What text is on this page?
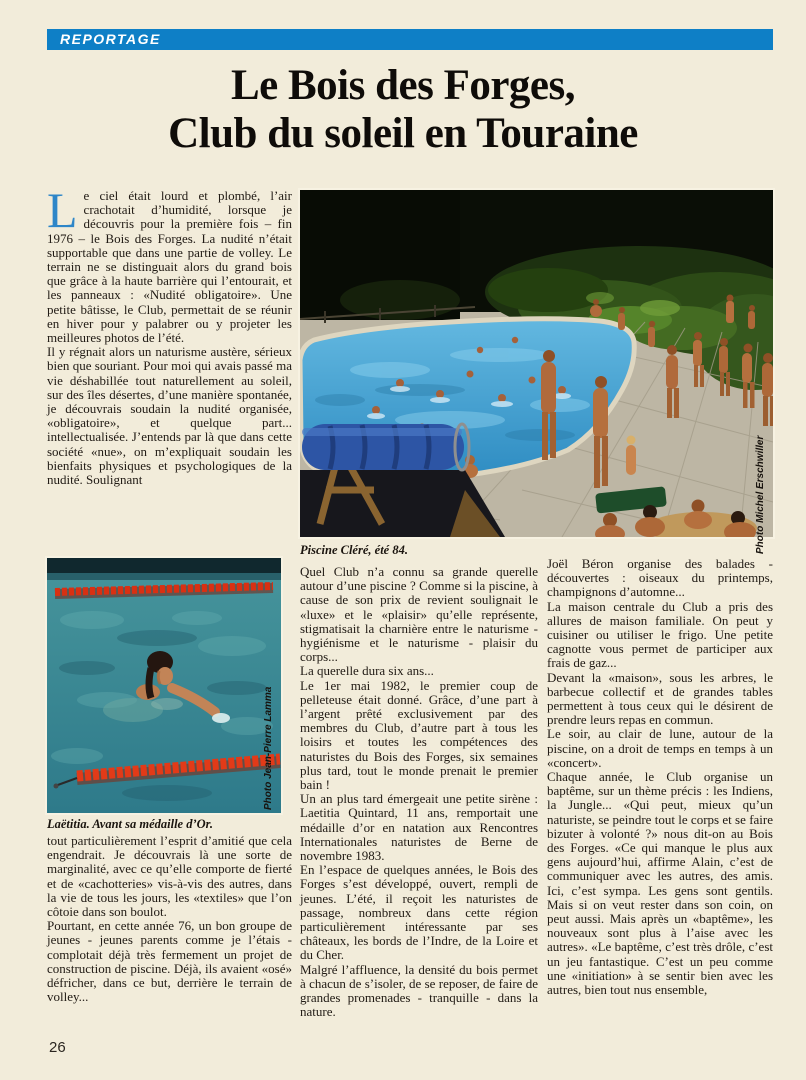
REPORTAGE
Le Bois des Forges,
Club du soleil en Touraine

Le ciel était lourd et plombé, l’air crachotait d’humidité, lorsque je découvris pour la première fois – fin 1976 – le Bois des Forges. La nudité n’était supportable que dans une partie de volley. Le terrain ne se distinguait alors du grand bois que grâce à la haute barrière qui l’entourait, et les panneaux : «Nudité obligatoire». Une petite bâtisse, le Club, permettait de se réunir en hiver pour y palabrer ou y projeter les meilleures photos de l’été.

Il y régnait alors un naturisme austère, sérieux bien que souriant. Pour moi qui avais passé ma vie déshabillée tout naturellement au soleil, sur des îles désertes, d’une manière spontanée, je découvrais soudain la nudité organisée, «obligatoire», et quelque part... intellectualisée. J’entends par là que dans cette société «nue», on m’expliquait soudain les bienfaits physiques et psychologiques de la nudité. Soulignant	Photo Michel Erschwiller
Piscine Cléré, été 84.
Photo Jean-Pierre Lamma
Laëtitia. Avant sa médaille d’Or.

tout particulièrement l’esprit d’amitié que cela engendrait. Je découvrais là une sorte de marginalité, avec ce qu’elle comporte de fierté et de «cachotteries» vis-à-vis des autres, dans la vie de tous les jours, les «textiles» que l’on côtoie dans son boulot.

Pourtant, en cette année 76, un bon groupe de jeunes - jeunes parents comme je l’étais - complotait déjà très fermement un projet de construction de piscine. Déjà, ils avaient «osé» défricher, dans ce but, derrière le terrain de volley...

Quel Club n’a connu sa grande querelle autour d’une piscine ? Comme si la piscine, à cause de son prix de revient soulignait le «luxe» et le «plaisir» qu’elle représente, stigmatisait la charnière entre le naturisme - hygiénisme et le naturisme - plaisir du corps...

La querelle dura six ans...

Le 1er mai 1982, le premier coup de pelleteuse était donné. Grâce, d’une part à l’argent prêté exclusivement par des membres du Club, d’autre part à tous les loisirs et toutes les compétences des naturistes du Bois des Forges, six semaines plus tard, tout le monde prenait le premier bain !

Un an plus tard émergeait une petite sirène : Laetitia Quintard, 11 ans, remportait une médaille d’or en natation aux Rencontres Internationales naturistes de Berne de novembre 1983.

En l’espace de quelques années, le Bois des Forges s’est développé, ouvert, rempli de jeunes. L’été, il reçoit les naturistes de passage, nombreux dans cette région particulièrement intéressante par ses châteaux, les bords de l’Indre, de la Loire et du Cher.

Malgré l’affluence, la densité du bois permet à chacun de s’isoler, de se reposer, de faire de grandes promenades - tranquille - dans la nature.

Joël Béron organise des balades - découvertes : oiseaux du printemps, champignons d’automne...

La maison centrale du Club a pris des allures de maison familiale. On peut y cuisiner ou utiliser le frigo. Une petite cagnotte vous permet de participer aux frais de gaz...

Devant la «maison», sous les arbres, le barbecue collectif et de grandes tables permettent à tous ceux qui le désirent de prendre leurs repas en commun.

Le soir, au clair de lune, autour de la piscine, on a droit de temps en temps à un «concert».

Chaque année, le Club organise un baptême, sur un thème précis : les Indiens, la Jungle... «Qui peut, mieux qu’un naturiste, se peindre tout le corps et se faire bizuter à volonté ?» nous dit-on au Bois des Forges. «Ce qui manque le plus aux gens aujourd’hui, affirme Alain, c’est de communiquer avec les autres, des amis. Ici, c’est sympa. Les gens sont gentils. Mais si on veut rester dans son coin, on peut aussi. Mais après un «baptême», les nouveaux sont plus à l’aise avec les autres». «Le baptême, c’est très drôle, c’est un jeu fantastique. C’est un peu comme une «initiation» à se sentir bien avec les autres, bien tout nus ensemble,

26
